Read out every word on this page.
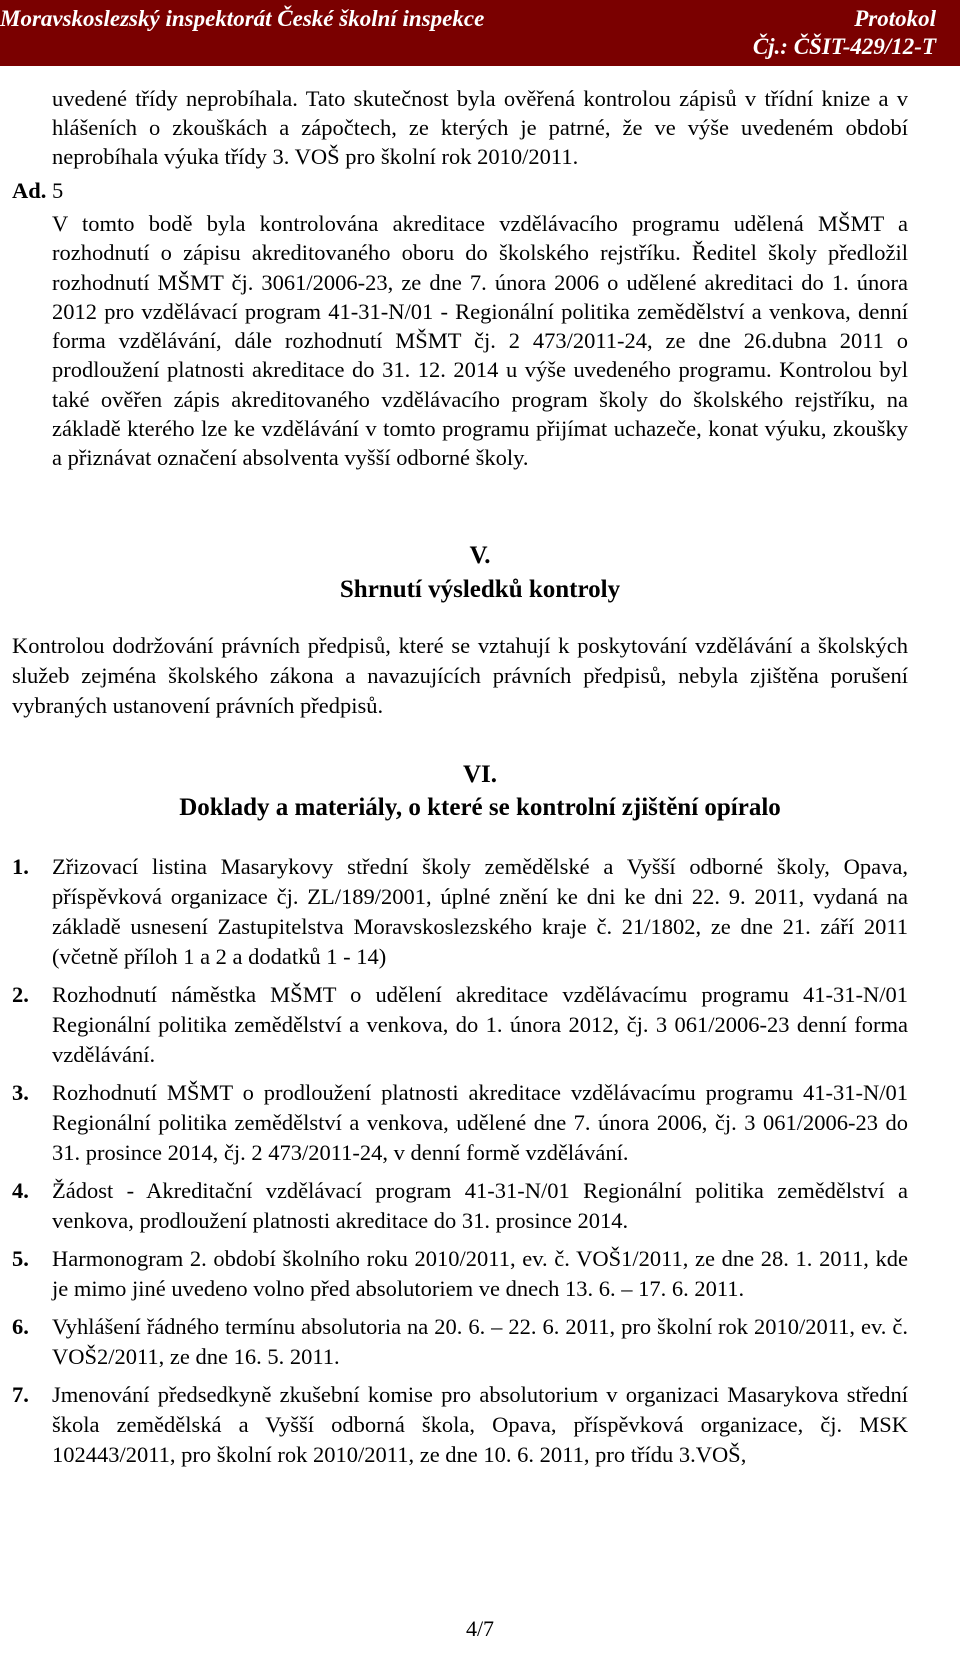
Moravskoslezský inspektorát České školní inspekce	Protokol
Čj.: ČŠIT-429/12-T

uvedené třídy neprobíhala. Tato skutečnost byla ověřená kontrolou zápisů v třídní knize a v hlášeních o zkouškách a zápočtech, ze kterých je patrné, že ve výše uvedeném období neprobíhala výuka třídy 3. VOŠ pro školní rok 2010/2011.

Ad. 5

V tomto bodě byla kontrolována akreditace vzdělávacího programu udělená MŠMT a rozhodnutí o zápisu akreditovaného oboru do školského rejstříku. Ředitel školy předložil rozhodnutí MŠMT čj. 3061/2006-23, ze dne 7. února 2006 o udělené akreditaci do 1. února 2012 pro vzdělávací program 41-31-N/01 - Regionální politika zemědělství a venkova, denní forma vzdělávání, dále rozhodnutí MŠMT čj. 2 473/2011-24, ze dne 26.dubna 2011 o prodloužení platnosti akreditace do 31. 12. 2014 u výše uvedeného programu. Kontrolou byl také ověřen zápis akreditovaného vzdělávacího program školy do školského rejstříku, na základě kterého lze ke vzdělávání v tomto programu přijímat uchazeče, konat výuku, zkoušky a přiznávat označení absolventa vyšší odborné školy.

V.
Shrnutí výsledků kontroly

Kontrolou dodržování právních předpisů, které se vztahují k poskytování vzdělávání a školských služeb zejména školského zákona a navazujících právních předpisů, nebyla zjištěna porušení vybraných ustanovení právních předpisů.

VI.
Doklady a materiály, o které se kontrolní zjištění opíralo
1. Zřizovací listina Masarykovy střední školy zemědělské a Vyšší odborné školy, Opava, příspěvková organizace čj. ZL/189/2001, úplné znění ke dni ke dni 22. 9. 2011, vydaná na základě usnesení Zastupitelstva Moravskoslezského kraje č. 21/1802, ze dne 21. září 2011 (včetně příloh 1 a 2 a dodatků 1 - 14)
2. Rozhodnutí náměstka MŠMT o udělení akreditace vzdělávacímu programu 41-31-N/01 Regionální politika zemědělství a venkova, do 1. února 2012, čj. 3 061/2006-23 denní forma vzdělávání.
3. Rozhodnutí MŠMT o prodloužení platnosti akreditace vzdělávacímu programu 41-31-N/01 Regionální politika zemědělství a venkova, udělené dne 7. února 2006, čj. 3 061/2006-23 do 31. prosince 2014, čj. 2 473/2011-24, v denní formě vzdělávání.
4. Žádost - Akreditační vzdělávací program 41-31-N/01 Regionální politika zemědělství a venkova, prodloužení platnosti akreditace do 31. prosince 2014.
5. Harmonogram 2. období školního roku 2010/2011, ev. č. VOŠ1/2011, ze dne 28. 1. 2011, kde je mimo jiné uvedeno volno před absolutoriem ve dnech 13. 6. – 17. 6. 2011.
6. Vyhlášení řádného termínu absolutoria na 20. 6. – 22. 6. 2011, pro školní rok 2010/2011, ev. č. VOŠ2/2011, ze dne 16. 5. 2011.
7. Jmenování předsedkyně zkušební komise pro absolutorium v organizaci Masarykova střední škola zemědělská a Vyšší odborná škola, Opava, příspěvková organizace, čj. MSK 102443/2011, pro školní rok 2010/2011, ze dne 10. 6. 2011, pro třídu 3.VOŠ,
4/7
